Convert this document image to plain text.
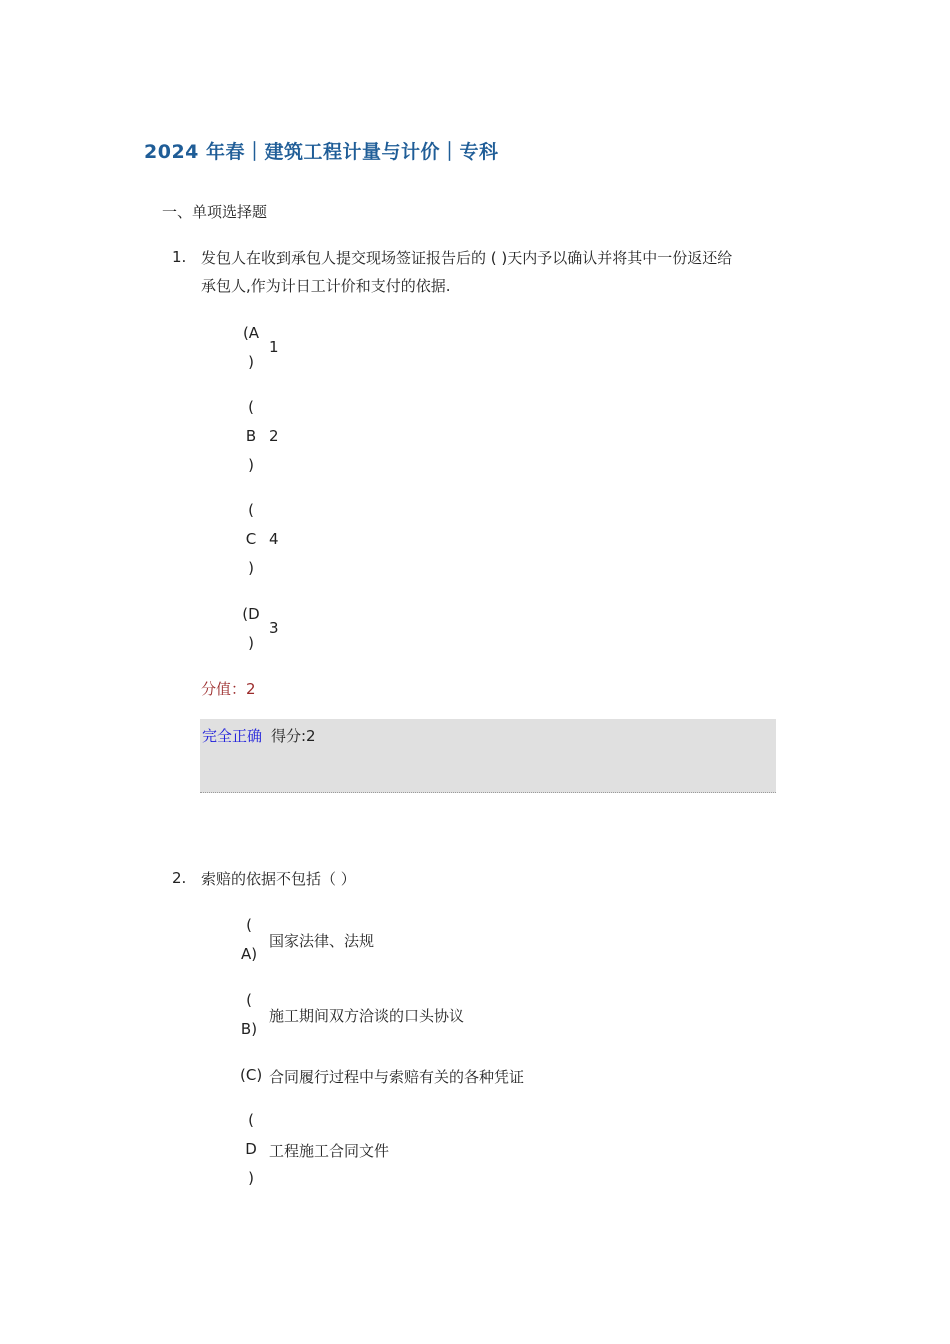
2024 年春｜建筑工程计量与计价｜专科
一、单项选择题
1. 发包人在收到承包人提交现场签证报告后的 ( )天内予以确认并将其中一份返还给
承包人,作为计日工计价和支付的依据.
(A
)
1
(
B
)
2
(
C
)
4
(D
)
3
分值：2
完全正确 得分:2
2. 索赔的依据不包括（ ）
(
A)
国家法律、法规
(
B)
施工期间双方洽谈的口头协议
(C) 合同履行过程中与索赔有关的各种凭证
(
D
)
工程施工合同文件
